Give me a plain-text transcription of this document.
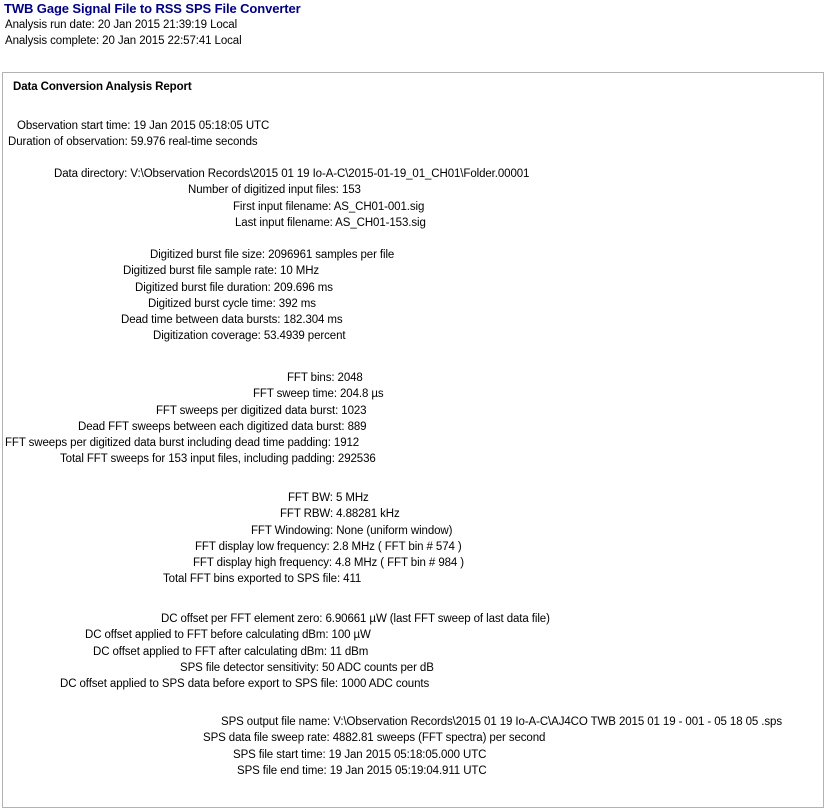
TWB Gage Signal File to RSS SPS File Converter
Analysis run date: 20 Jan 2015 21:39:19 Local
Analysis complete: 20 Jan 2015 22:57:41 Local
Data Conversion Analysis Report
Observation start time: 19 Jan 2015 05:18:05 UTC
Duration of observation: 59.976 real-time seconds
Data directory: V:\Observation Records\2015 01 19 Io-A-C\2015-01-19_01_CH01\Folder.00001
Number of digitized input files: 153
First input filename: AS_CH01-001.sig
Last input filename: AS_CH01-153.sig
Digitized burst file size: 2096961 samples per file
Digitized burst file sample rate: 10 MHz
Digitized burst file duration: 209.696 ms
Digitized burst cycle time: 392 ms
Dead time between data bursts: 182.304 ms
Digitization coverage: 53.4939 percent
FFT bins: 2048
FFT sweep time: 204.8 µs
FFT sweeps per digitized data burst: 1023
Dead FFT sweeps between each digitized data burst: 889
FFT sweeps per digitized data burst including dead time padding: 1912
Total FFT sweeps for 153 input files, including padding: 292536
FFT BW: 5 MHz
FFT RBW: 4.88281 kHz
FFT Windowing: None (uniform window)
FFT display low frequency: 2.8 MHz ( FFT bin # 574 )
FFT display high frequency: 4.8 MHz ( FFT bin # 984 )
Total FFT bins exported to SPS file: 411
DC offset per FFT element zero: 6.90661 µW (last FFT sweep of last data file)
DC offset applied to FFT before calculating dBm: 100 µW
DC offset applied to FFT after calculating dBm: 11 dBm
SPS file detector sensitivity: 50 ADC counts per dB
DC offset applied to SPS data before export to SPS file: 1000 ADC counts
SPS output file name: V:\Observation Records\2015 01 19 Io-A-C\AJ4CO TWB 2015 01 19 - 001 - 05 18 05 .sps
SPS data file sweep rate: 4882.81 sweeps (FFT spectra) per second
SPS file start time: 19 Jan 2015 05:18:05.000 UTC
SPS file end time: 19 Jan 2015 05:19:04.911 UTC
